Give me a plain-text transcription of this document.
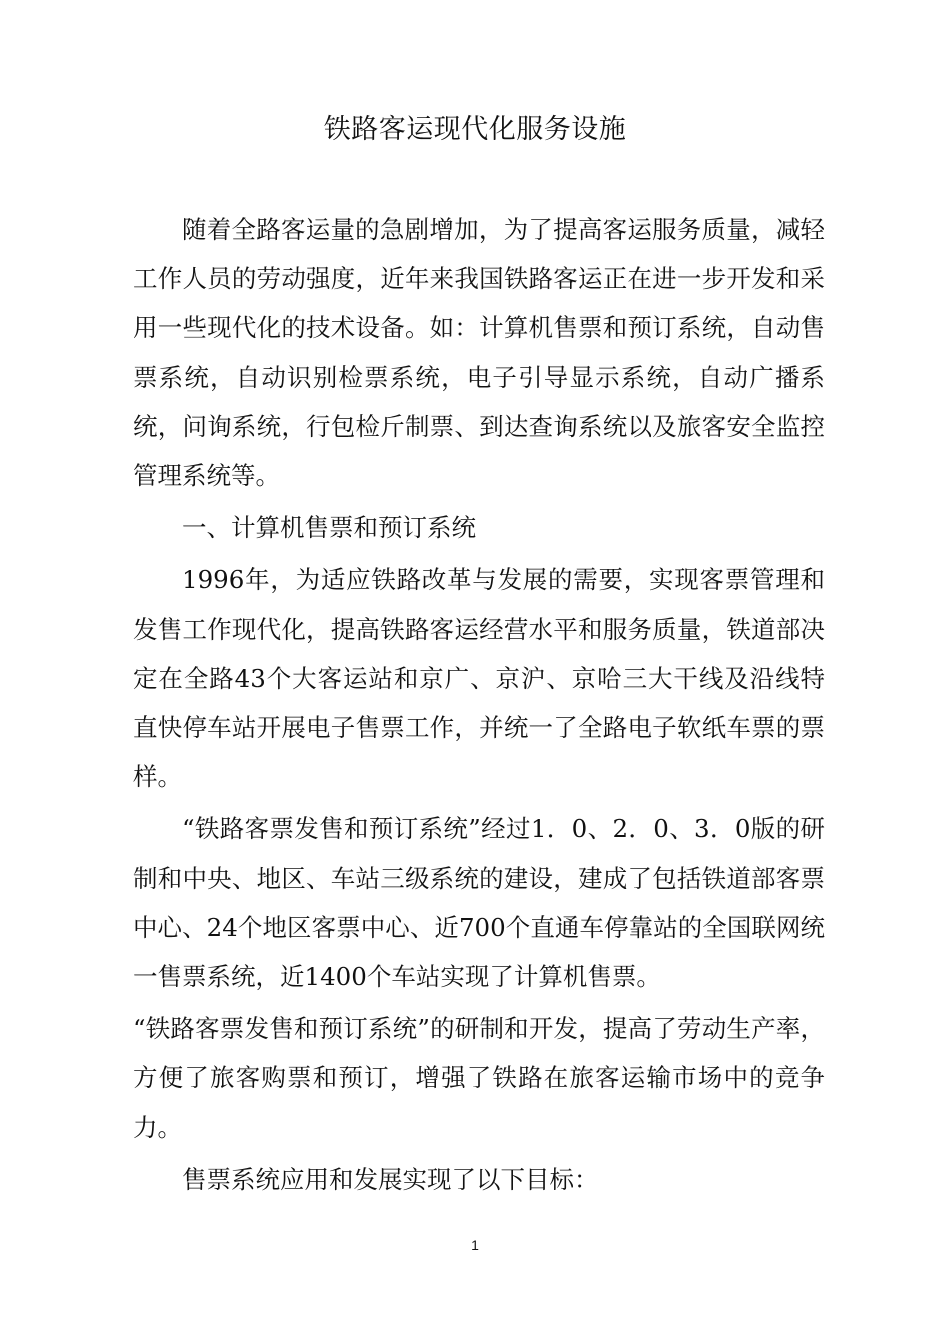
铁路客运现代化服务设施

随着全路客运量的急剧增加，为了提高客运服务质量，减轻工作人员的劳动强度，近年来我国铁路客运正在进一步开发和采用一些现代化的技术设备。如：计算机售票和预订系统，自动售票系统，自动识别检票系统，电子引导显示系统，自动广播系统，问询系统，行包检斤制票、到达查询系统以及旅客安全监控管理系统等。

一、计算机售票和预订系统

1996年，为适应铁路改革与发展的需要，实现客票管理和发售工作现代化，提高铁路客运经营水平和服务质量，铁道部决定在全路43个大客运站和京广、京沪、京哈三大干线及沿线特直快停车站开展电子售票工作，并统一了全路电子软纸车票的票样。

“铁路客票发售和预订系统”经过1．0、2．0、3．0版的研制和中央、地区、车站三级系统的建设，建成了包括铁道部客票中心、24个地区客票中心、近700个直通车停靠站的全国联网统一售票系统，近1400个车站实现了计算机售票。

“铁路客票发售和预订系统”的研制和开发，提高了劳动生产率，方便了旅客购票和预订，增强了铁路在旅客运输市场中的竞争力。

售票系统应用和发展实现了以下目标：

1
